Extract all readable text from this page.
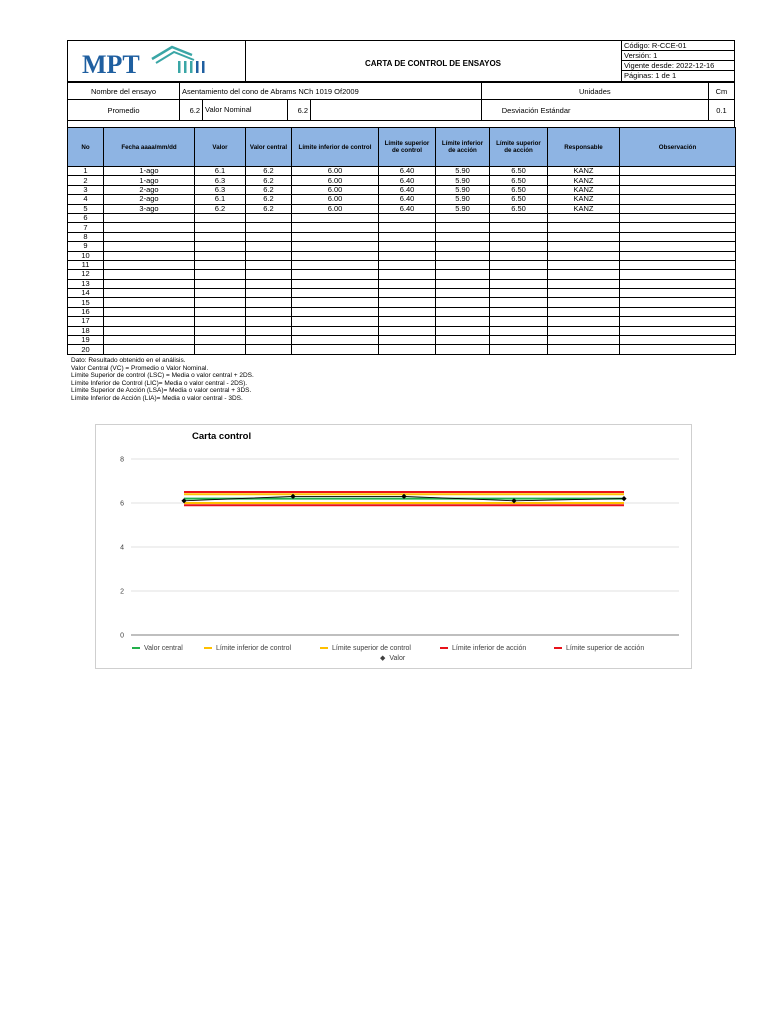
MPT	CARTA DE CONTROL DE ENSAYOS
Código: R-CCE-01
Versión: 1
Vigente desde: 2022-12-16
Páginas: 1 de 1
Nombre del ensayo	Asentamiento del cono de Abrams NCh 1019 Of2009				Unidades	Cm
Promedio	6.2	Valor Nominal	6.2		Desviación Estándar	0.1
No	Fecha aaaa/mm/dd	Valor	Valor central	Límite inferior de control	Límite superior de control	Límite inferior de acción	Límite superior de acción	Responsable	Observación
1	1-ago	6.1	6.2	6.00	6.40	5.90	6.50	KANZ	
2	1-ago	6.3	6.2	6.00	6.40	5.90	6.50	KANZ	
3	2-ago	6.3	6.2	6.00	6.40	5.90	6.50	KANZ	
4	2-ago	6.1	6.2	6.00	6.40	5.90	6.50	KANZ	
5	3-ago	6.2	6.2	6.00	6.40	5.90	6.50	KANZ	
6									
7									
8									
9									
10									
11									
12									
13									
14									
15									
16									
17									
18									
19									
20									
Dato: Resultado obtenido en el análisis.
Valor Central (VC) = Promedio o Valor Nominal.
Límite Superior de control (LSC) = Media o valor central + 2DS.
Límite Inferior de Control (LIC)= Media o valor central - 2DS).
Límite Superior de Acción (LSA)= Media o valor central + 3DS.
Límite Inferior de Acción (LIA)= Media o valor central - 3DS.
Carta control
0
2
4
6
8
Valor central	Límite inferior de control	Límite superior de control	Límite inferior de acción	Límite superior de acción
◆ Valor
